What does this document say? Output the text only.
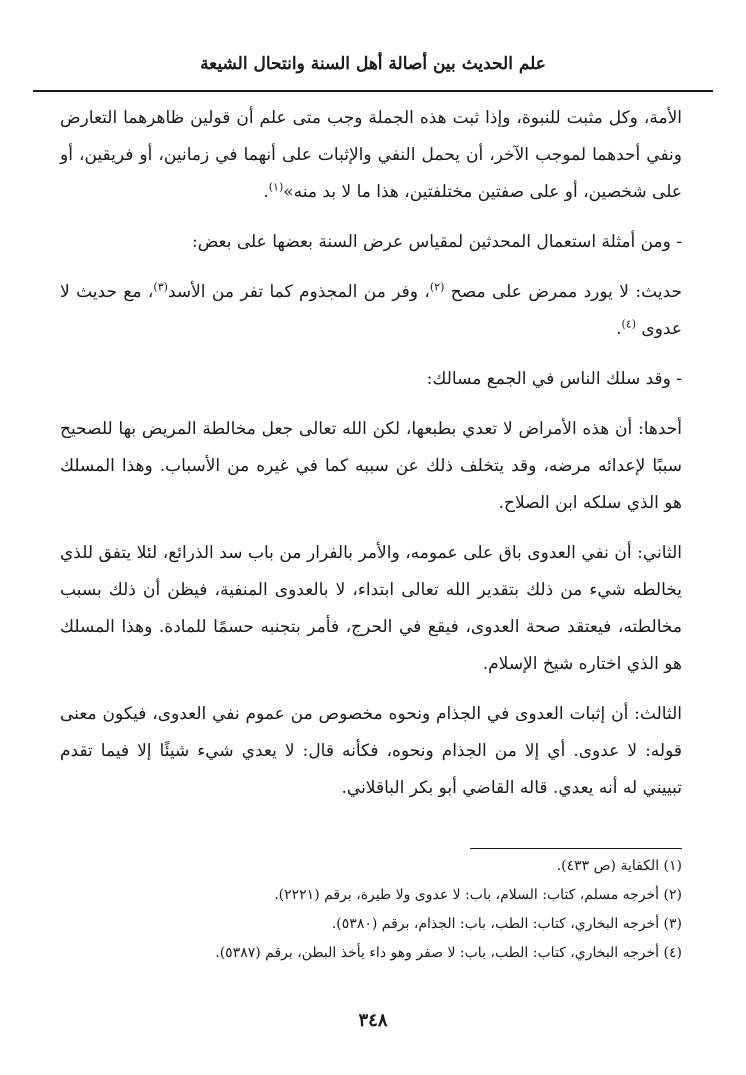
علم الحديث بين أصالة أهل السنة وانتحال الشيعة

الأمة، وكل مثبت للنبوة، وإذا ثبت هذه الجملة وجب متى علم أن قولين ظاهرهما التعارض ونفي أحدهما لموجب الآخر، أن يحمل النفي والإثبات على أنهما في زمانين، أو فريقين، أو على شخصين، أو على صفتين مختلفتين، هذا ما لا بد منه»$^{(١)}$.

- ومن أمثلة استعمال المحدثين لمقياس عرض السنة بعضها على بعض:

حديث: لا يورد ممرض على مصح $^{(٢)}$، وفر من المجذوم كما تفر من الأسد$^{(٣)}$، مع حديث لا عدوى $^{(٤)}$.

- وقد سلك الناس في الجمع مسالك:

أحدها: أن هذه الأمراض لا تعدي بطبعها، لكن الله تعالى جعل مخالطة المريض بها للصحيح سببًا لإعدائه مرضه، وقد يتخلف ذلك عن سببه كما في غيره من الأسباب. وهذا المسلك هو الذي سلكه ابن الصلاح.

الثاني: أن نفي العدوى باق على عمومه، والأمر بالفرار من باب سد الذرائع، لئلا يتفق للذي يخالطه شيء من ذلك بتقدير الله تعالى ابتداء، لا بالعدوى المنفية، فيظن أن ذلك بسبب مخالطته، فيعتقد صحة العدوى، فيقع في الحرج، فأمر بتجنبه حسمًا للمادة. وهذا المسلك هو الذي اختاره شيخ الإسلام.

الثالث: أن إثبات العدوى في الجذام ونحوه مخصوص من عموم نفي العدوى، فيكون معنى قوله: لا عدوى. أي إلا من الجذام ونحوه، فكأنه قال: لا يعدي شيء شيئًا إلا فيما تقدم تبييني له أنه يعدي. قاله القاضي أبو بكر الباقلاني.

(١) الكفاية (ص ٤٣٣).

(٢) أخرجه مسلم، كتاب: السلام، باب: لا عدوى ولا طيرة، برقم (٢٢٢١).

(٣) أخرجه البخاري، كتاب: الطب، باب: الجذام، برقم (٥٣٨٠).

(٤) أخرجه البخاري، كتاب: الطب، باب: لا صفر وهو داء يأخذ البطن، برقم (٥٣٨٧).

٣٤٨
